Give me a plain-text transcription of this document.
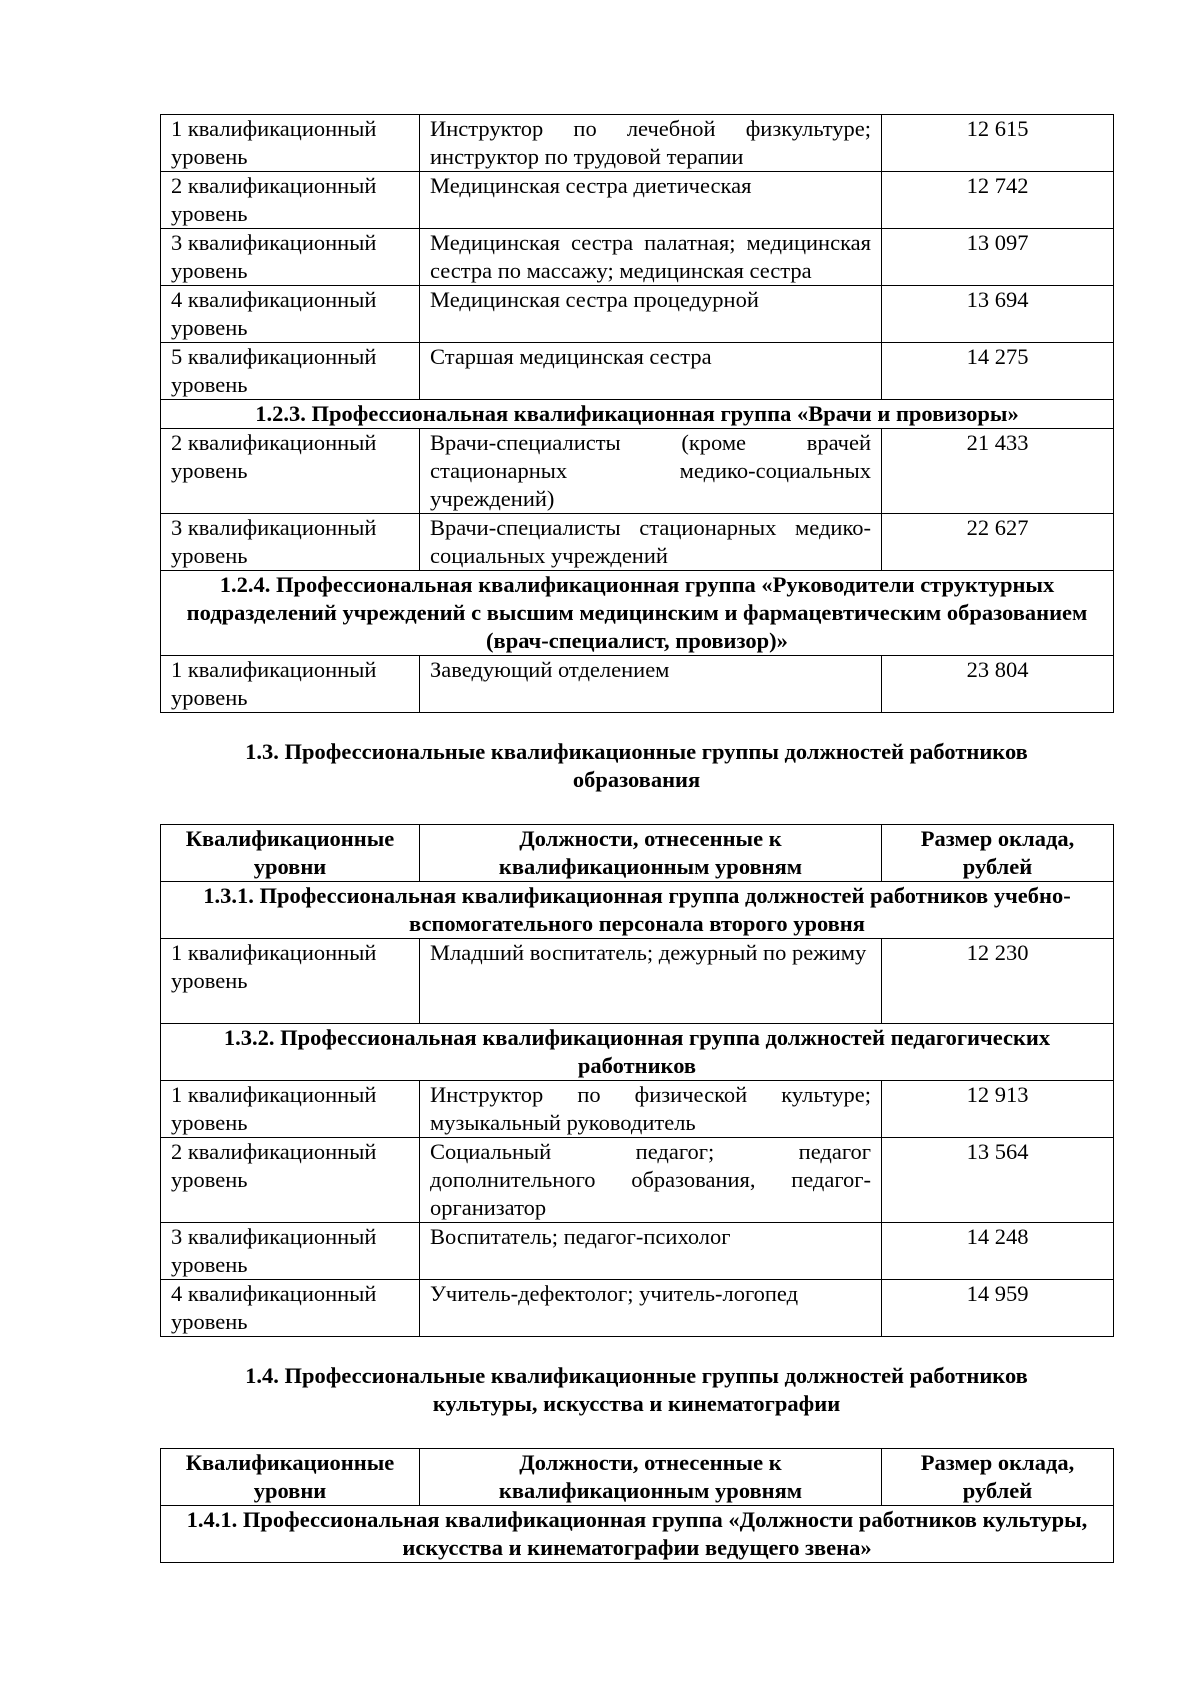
1 квалификационный уровень	Инструктор по лечебной физкультуре; инструктор по трудовой терапии	12 615
2 квалификационный уровень	Медицинская сестра диетическая	12 742
3 квалификационный уровень	Медицинская сестра палатная; медицинская сестра по массажу; медицинская сестра	13 097
4 квалификационный уровень	Медицинская сестра процедурной	13 694
5 квалификационный уровень	Старшая медицинская сестра	14 275
1.2.3. Профессиональная квалификационная группа «Врачи и провизоры»		
2 квалификационный уровень	Врачи-специалисты (кроме врачей стационарных медико-социальных учреждений)	21 433
3 квалификационный уровень	Врачи-специалисты стационарных медико-социальных учреждений	22 627
1.2.4. Профессиональная квалификационная группа «Руководители структурных подразделений учреждений с высшим медицинским и фармацевтическим образованием (врач-специалист, провизор)»		
1 квалификационный уровень	Заведующий отделением	23 804

1.3. Профессиональные квалификационные группы должностей работников образования

Квалификационные уровни	Должности, отнесенные к квалификационным уровням	Размер оклада, рублей
1.3.1. Профессиональная квалификационная группа должностей работников учебно-вспомогательного персонала второго уровня		
1 квалификационный уровень	Младший воспитатель; дежурный по режиму	12 230
1.3.2. Профессиональная квалификационная группа должностей педагогических работников		
1 квалификационный уровень	Инструктор по физической культуре; музыкальный руководитель	12 913
2 квалификационный уровень	Социальный педагог; педагог дополнительного образования, педагог-организатор	13 564
3 квалификационный уровень	Воспитатель; педагог-психолог	14 248
4 квалификационный уровень	Учитель-дефектолог; учитель-логопед	14 959

1.4. Профессиональные квалификационные группы должностей работников культуры, искусства и кинематографии

Квалификационные уровни	Должности, отнесенные к квалификационным уровням	Размер оклада, рублей
1.4.1. Профессиональная квалификационная группа «Должности работников культуры, искусства и кинематографии ведущего звена»
